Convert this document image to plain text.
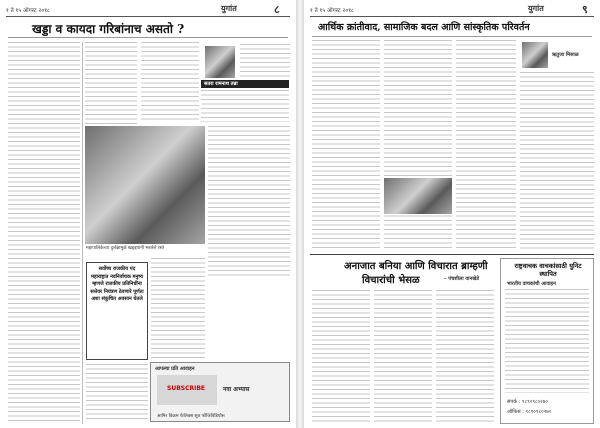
१ ते १५ ऑगस्ट २०१८	युगांत	८
खड्डा व कायदा गरिबांनाच असतो ?
सतरा रामनाथ तन्ना
महापालिकेच्या दुर्लक्षामुळे खड्ड्यांनी भरलेले रस्ते
सर्वोच्च राजकीय पद महाराष्ट्रात नवनिर्वाचक मनुष्य म्हणजे राजकीय प्रतिनिधींना सत्तेवर नियंत्रण ठेवणारे पूर्णतः अशा संकुचित अवसान घेतले
आपल्या प्रति आवाहन
SUBSCRIBE	नवा अभ्यास
आमिर विक्रम फेलिक्स सूत्र फौजिविडियोस
१ ते १५ ऑगस्ट २०१८	युगांत	९
आर्थिक क्रांतीवाद, सामाजिक बदल आणि सांस्कृतिक परिवर्तन
ऋतुजा मिसाळ
अनाजात बनिया आणि विचारात ब्राम्हणी
विचारांची भेसळ	– पंचशीला वानखेडे
राष्ट्रवाचक वाचकांसाठी युनिट स्थापित
भारतीय वाचकांची आवाहन
संपर्क : ९८९०९८०२७०
ऑफिस : ९८९०९८०२७०
